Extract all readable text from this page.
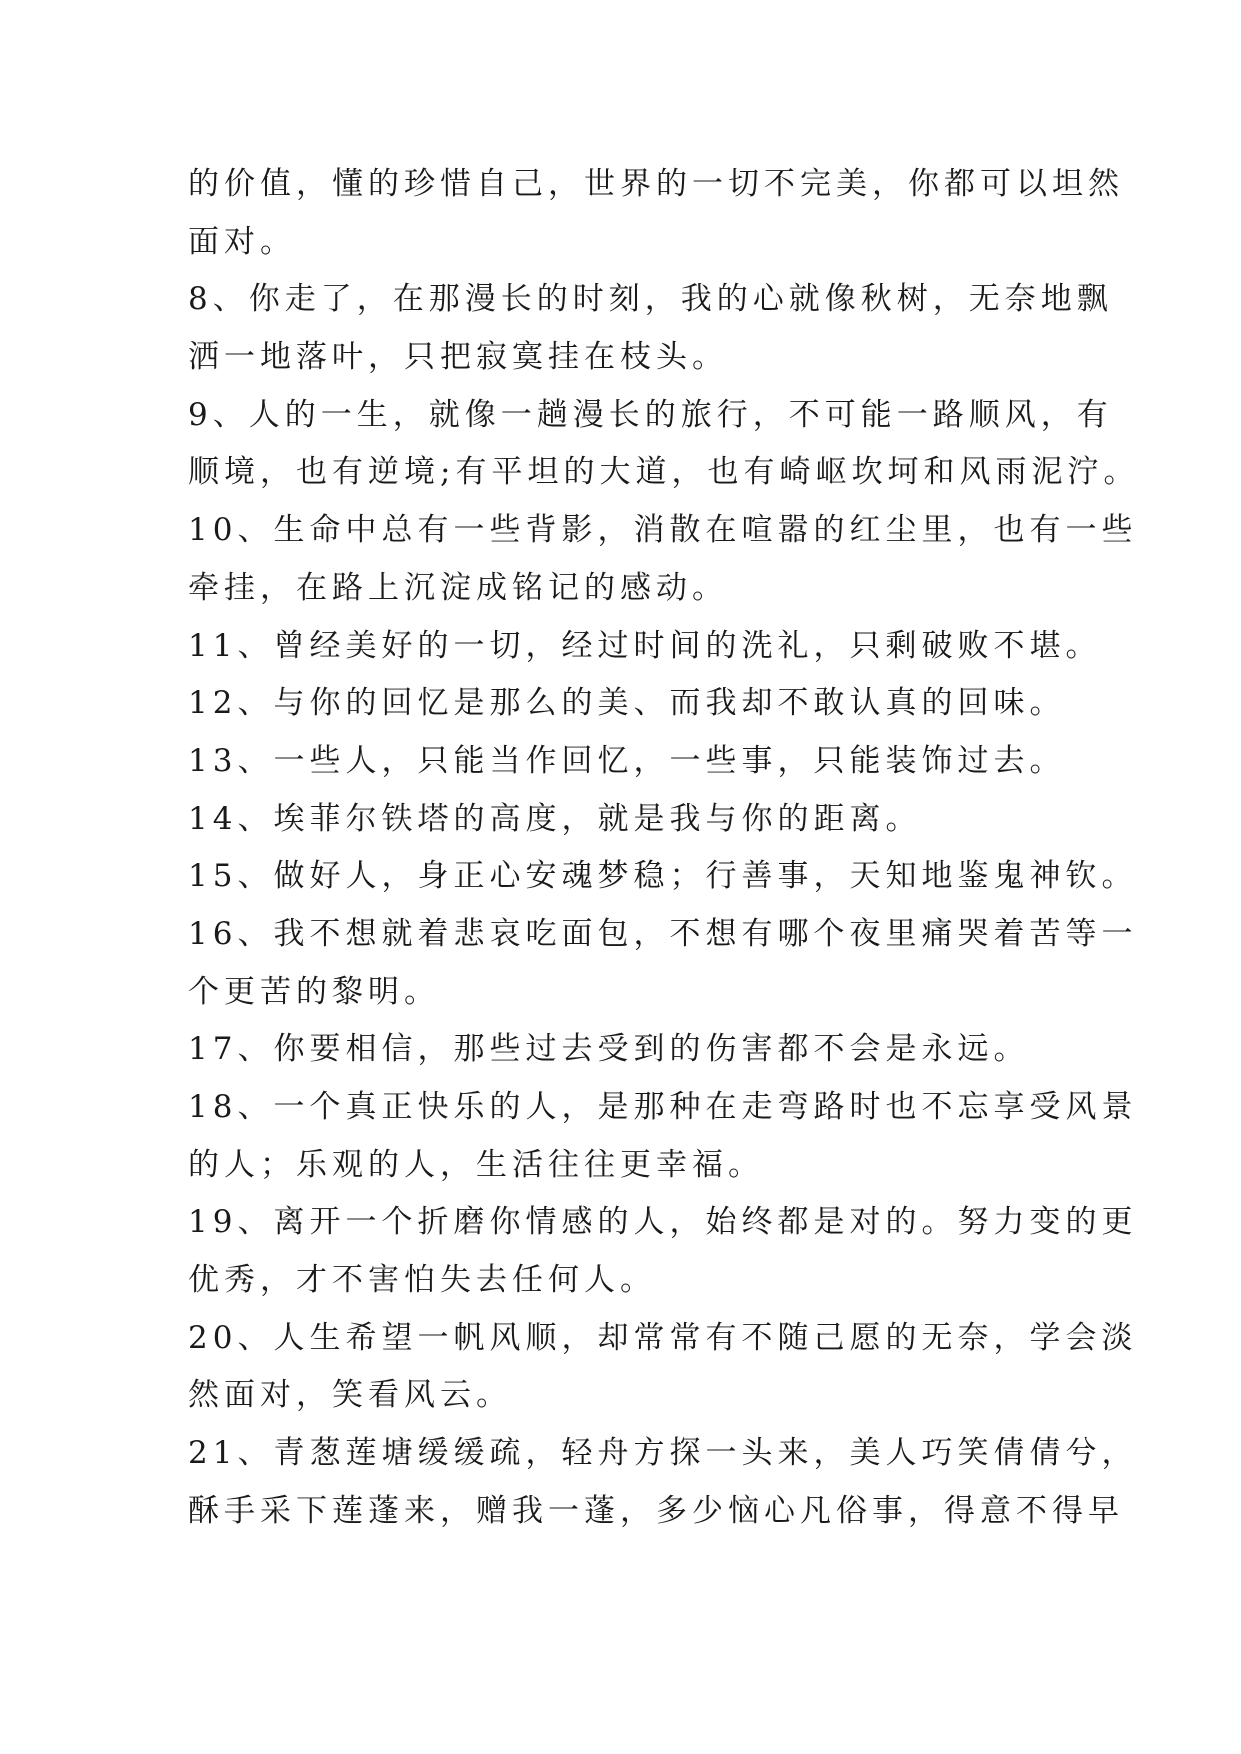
的价值，懂的珍惜自己，世界的一切不完美，你都可以坦然
面对。
8、你走了，在那漫长的时刻，我的心就像秋树，无奈地飘
洒一地落叶，只把寂寞挂在枝头。
9、人的一生，就像一趟漫长的旅行，不可能一路顺风，有
顺境，也有逆境;有平坦的大道，也有崎岖坎坷和风雨泥泞。
10、生命中总有一些背影，消散在喧嚣的红尘里，也有一些
牵挂，在路上沉淀成铭记的感动。
11、曾经美好的一切，经过时间的洗礼，只剩破败不堪。
12、与你的回忆是那么的美、而我却不敢认真的回味。
13、一些人，只能当作回忆，一些事，只能装饰过去。
14、埃菲尔铁塔的高度，就是我与你的距离。
15、做好人，身正心安魂梦稳；行善事，天知地鉴鬼神钦。
16、我不想就着悲哀吃面包，不想有哪个夜里痛哭着苦等一
个更苦的黎明。
17、你要相信，那些过去受到的伤害都不会是永远。
18、一个真正快乐的人，是那种在走弯路时也不忘享受风景
的人；乐观的人，生活往往更幸福。
19、离开一个折磨你情感的人，始终都是对的。努力变的更
优秀，才不害怕失去任何人。
20、人生希望一帆风顺，却常常有不随己愿的无奈，学会淡
然面对，笑看风云。
21、青葱莲塘缓缓疏，轻舟方探一头来，美人巧笑倩倩兮，
酥手采下莲蓬来，赠我一蓬，多少恼心凡俗事，得意不得早
